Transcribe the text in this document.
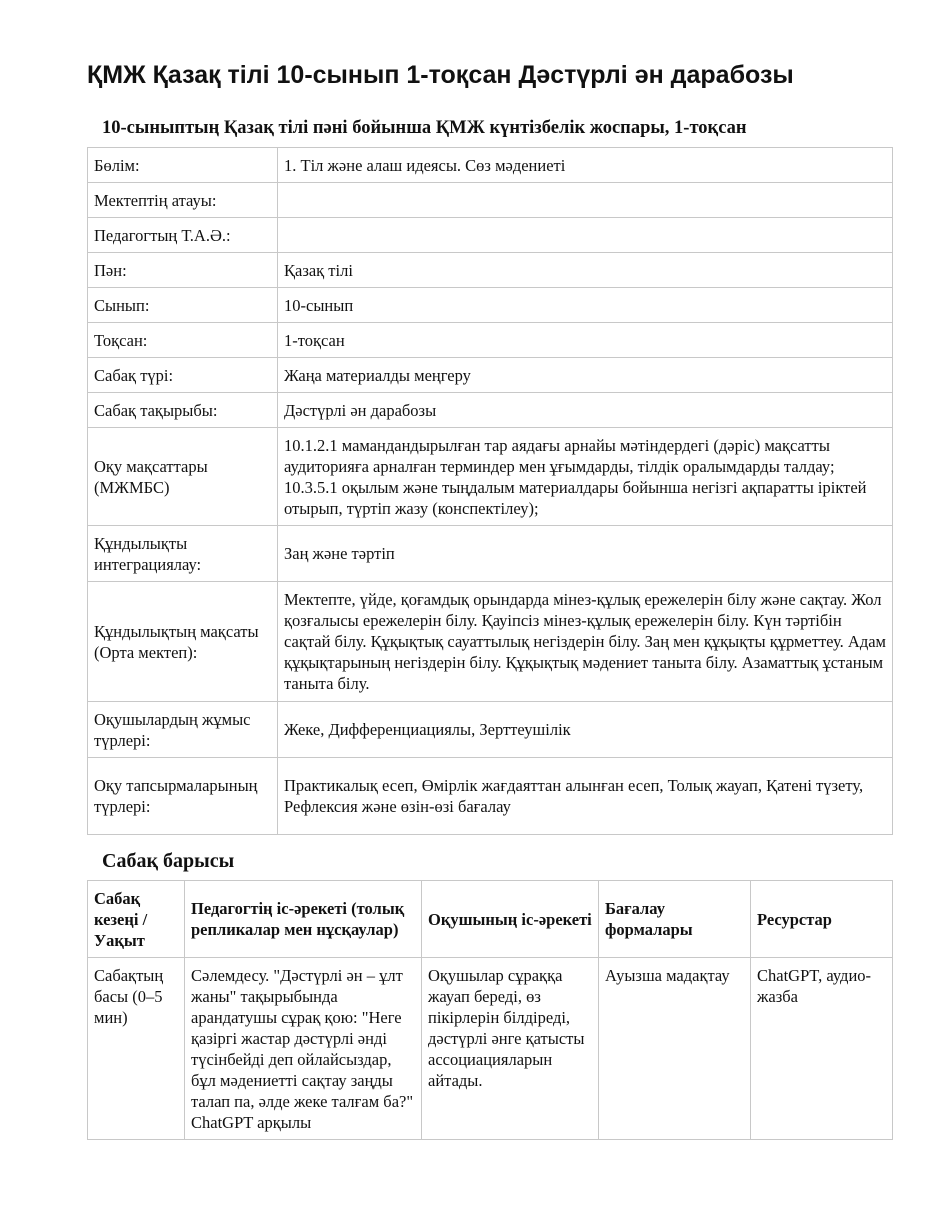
ҚМЖ Қазақ тілі 10-сынып 1-тоқсан Дәстүрлі ән дарабозы
10-сыныптың Қазақ тілі пәні бойынша ҚМЖ күнтізбелік жоспары, 1-тоқсан
Бөлім:	1. Тіл және алаш идеясы. Сөз мәдениеті
Мектептің атауы:	
Педагогтың Т.А.Ә.:	
Пән:	Қазақ тілі
Сынып:	10-сынып
Тоқсан:	1-тоқсан
Сабақ түрі:	Жаңа материалды меңгеру
Сабақ тақырыбы:	Дәстүрлі ән дарабозы
Оқу мақсаттары (МЖМБС)	10.1.2.1 мамандандырылған тар аядағы арнайы мәтіндердегі (дәріс) мақсатты аудиторияға арналған терминдер мен ұғымдарды, тілдік оралымдарды талдау; 10.3.5.1 оқылым және тыңдалым материалдары бойынша негізгі ақпаратты іріктей отырып, түртіп жазу (конспектілеу);
Құндылықты интеграциялау:	Заң және тәртіп
Құндылықтың мақсаты (Орта мектеп):	Мектепте, үйде, қоғамдық орындарда мінез-құлық ережелерін білу және сақтау. Жол қозғалысы ережелерін білу. Қауіпсіз мінез-құлық ережелерін білу. Күн тәртібін сақтай білу. Құқықтық сауаттылық негіздерін білу. Заң мен құқықты құрметтеу. Адам құқықтарының негіздерін білу. Құқықтық мәдениет таныта білу. Азаматтық ұстаным таныта білу.
Оқушылардың жұмыс түрлері:	Жеке, Дифференциациялы, Зерттеушілік
Оқу тапсырмаларының түрлері:	Практикалық есеп, Өмірлік жағдаяттан алынған есеп, Толық жауап, Қатені түзету, Рефлексия және өзін-өзі бағалау
Сабақ барысы
Сабақ кезеңі / Уақыт	Педагогтің іс-әрекеті (толық репликалар мен нұсқаулар)	Оқушының іс-әрекеті	Бағалау формалары	Ресурстар
Сабақтың басы (0–5 мин)	Сәлемдесу. "Дәстүрлі ән – ұлт жаны" тақырыбында арандатушы сұрақ қою: "Неге қазіргі жастар дәстүрлі әнді түсінбейді деп ойлайсыздар, бұл мәдениетті сақтау заңды талап па, әлде жеке талғам ба?" ChatGPT арқылы	Оқушылар сұраққа жауап береді, өз пікірлерін білдіреді, дәстүрлі әнге қатысты ассоциацияларын айтады.	Ауызша мадақтау	ChatGPT, аудио-жазба
